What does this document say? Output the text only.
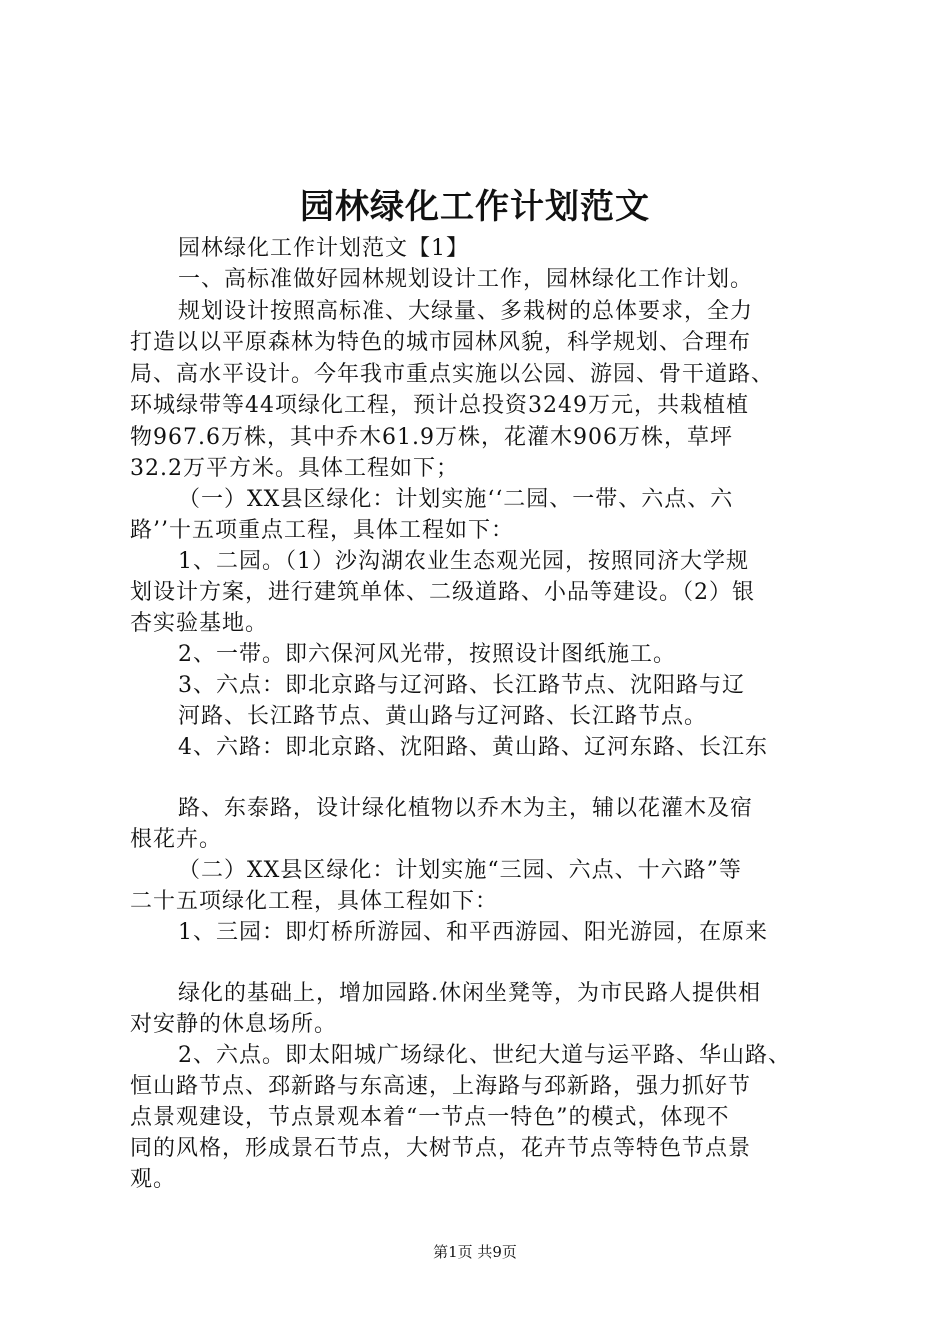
园林绿化工作计划范文
园林绿化工作计划范文【1】
一、高标准做好园林规划设计工作，园林绿化工作计划。
规划设计按照高标准、大绿量、多栽树的总体要求，全力
打造以以平原森林为特色的城市园林风貌，科学规划、合理布
局、高水平设计。今年我市重点实施以公园、游园、骨干道路、
环城绿带等44项绿化工程，预计总投资3249万元，共栽植植
物967.6万株，其中乔木61.9万株，花灌木906万株，草坪
32.2万平方米。具体工程如下；
（一）XX县区绿化：计划实施‘‘二园、一带、六点、六
路’’十五项重点工程，具体工程如下：
1、二园。（1）沙沟湖农业生态观光园，按照同济大学规
划设计方案，进行建筑单体、二级道路、小品等建设。（2）银
杏实验基地。
2、一带。即六保河风光带，按照设计图纸施工。
3、六点：即北京路与辽河路、长江路节点、沈阳路与辽
河路、长江路节点、黄山路与辽河路、长江路节点。
4、六路：即北京路、沈阳路、黄山路、辽河东路、长江东
路、东泰路，设计绿化植物以乔木为主，辅以花灌木及宿
根花卉。
（二）XX县区绿化：计划实施“三园、六点、十六路”等
二十五项绿化工程，具体工程如下：
1、三园：即灯桥所游园、和平西游园、阳光游园，在原来
绿化的基础上，增加园路.休闲坐凳等，为市民路人提供相
对安静的休息场所。
2、六点。即太阳城广场绿化、世纪大道与运平路、华山路、
恒山路节点、邳新路与东高速，上海路与邳新路，强力抓好节
点景观建设，节点景观本着“一节点一特色”的模式，体现不
同的风格，形成景石节点，大树节点，花卉节点等特色节点景
观。
第1页 共9页
